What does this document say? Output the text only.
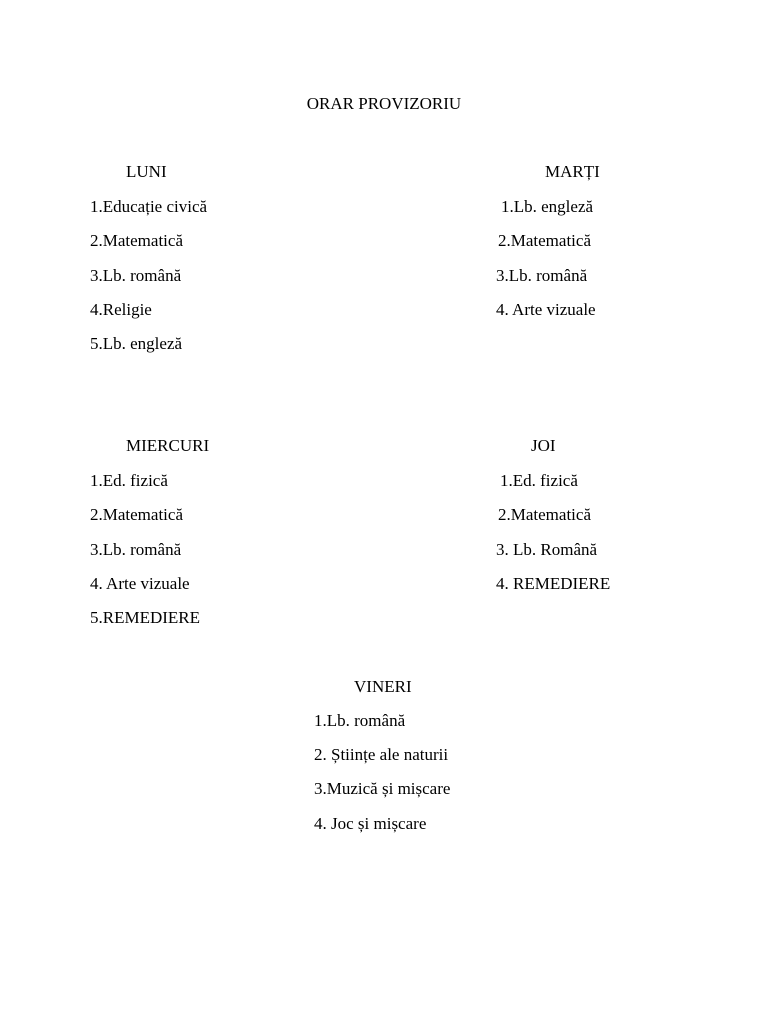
ORAR PROVIZORIU
LUNI
1.Educație civică
2.Matematică
3.Lb. română
4.Religie
5.Lb. engleză
MARȚI
1.Lb. engleză
2.Matematică
3.Lb. română
4. Arte vizuale
MIERCURI
1.Ed. fizică
2.Matematică
3.Lb. română
4. Arte vizuale
5.REMEDIERE
JOI
1.Ed. fizică
2.Matematică
3. Lb. Română
4. REMEDIERE
VINERI
1.Lb. română
2. Științe ale naturii
3.Muzică și mișcare
4. Joc și mișcare
